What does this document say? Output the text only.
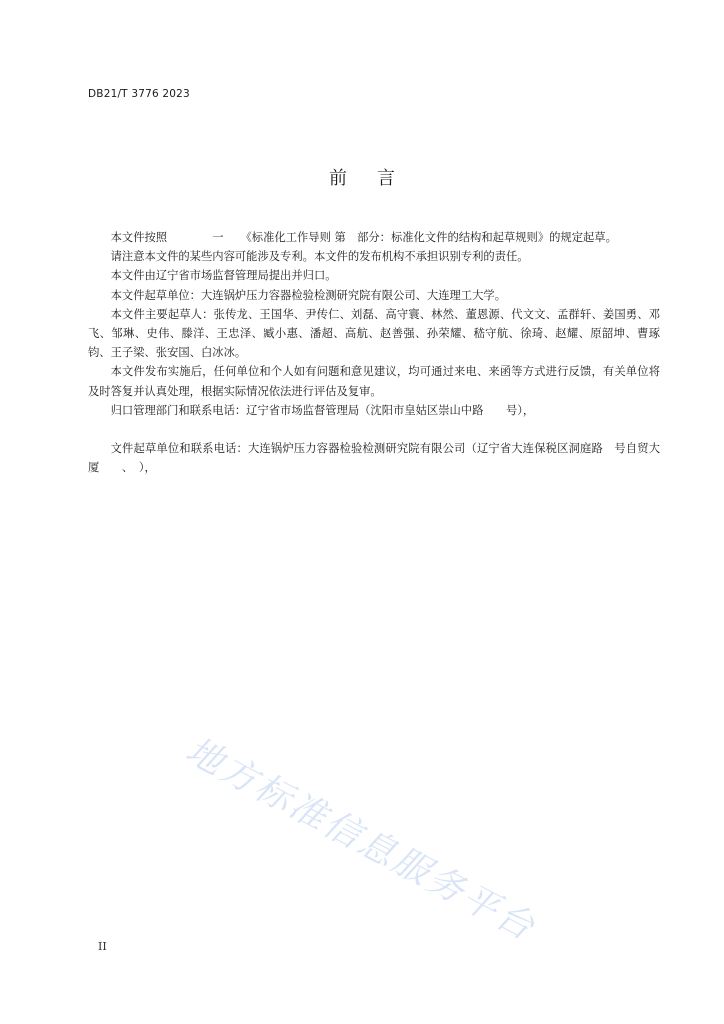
DB21/T 3776 2023
前言

本文件按照　　　　一　　《标准化工作导则 第　部分：标准化文件的结构和起草规则》的规定起草。

请注意本文件的某些内容可能涉及专利。本文件的发布机构不承担识别专利的责任。

本文件由辽宁省市场监督管理局提出并归口。

本文件起草单位：大连锅炉压力容器检验检测研究院有限公司、大连理工大学。

本文件主要起草人：张传龙、王国华、尹传仁、刘磊、高守寰、林然、董恩源、代文文、孟群轩、姜国勇、邓飞、邹琳、史伟、滕洋、王忠泽、臧小惠、潘超、高航、赵善强、孙荣耀、嵇守航、徐琦、赵耀、原韶坤、曹琢钧、王子梁、张安国、白冰冰。

本文件发布实施后，任何单位和个人如有问题和意见建议，均可通过来电、来函等方式进行反馈，有关单位将及时答复并认真处理，根据实际情况依法进行评估及复审。

归口管理部门和联系电话：辽宁省市场监督管理局（沈阳市皇姑区崇山中路　　号），

文件起草单位和联系电话：大连锅炉压力容器检验检测研究院有限公司（辽宁省大连保税区洞庭路　号自贸大厦　　、　），

地方标准信息服务平台
II
